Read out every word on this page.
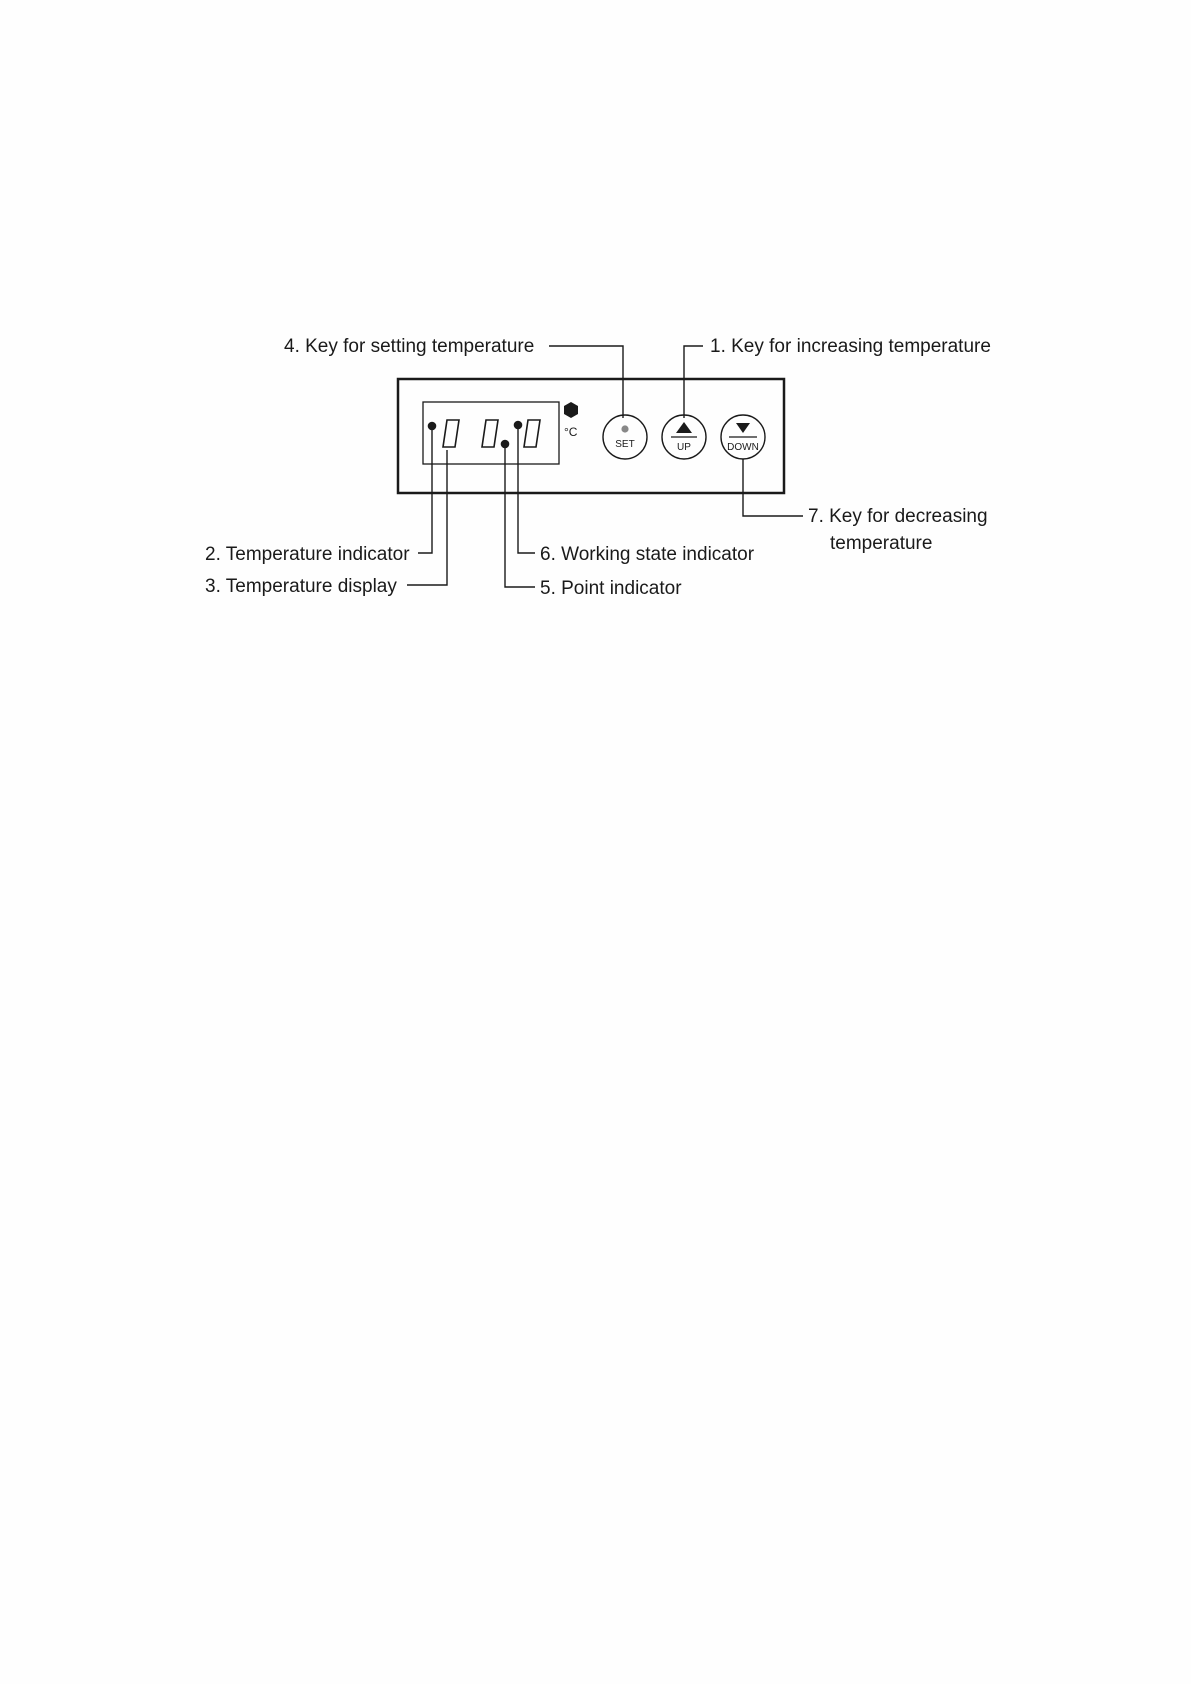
°C
SET	UP	DOWN
4. Key for setting temperature	1. Key for increasing temperature
7. Key for decreasing
temperature
2. Temperature indicator
3. Temperature display
6. Working state indicator
5. Point indicator
